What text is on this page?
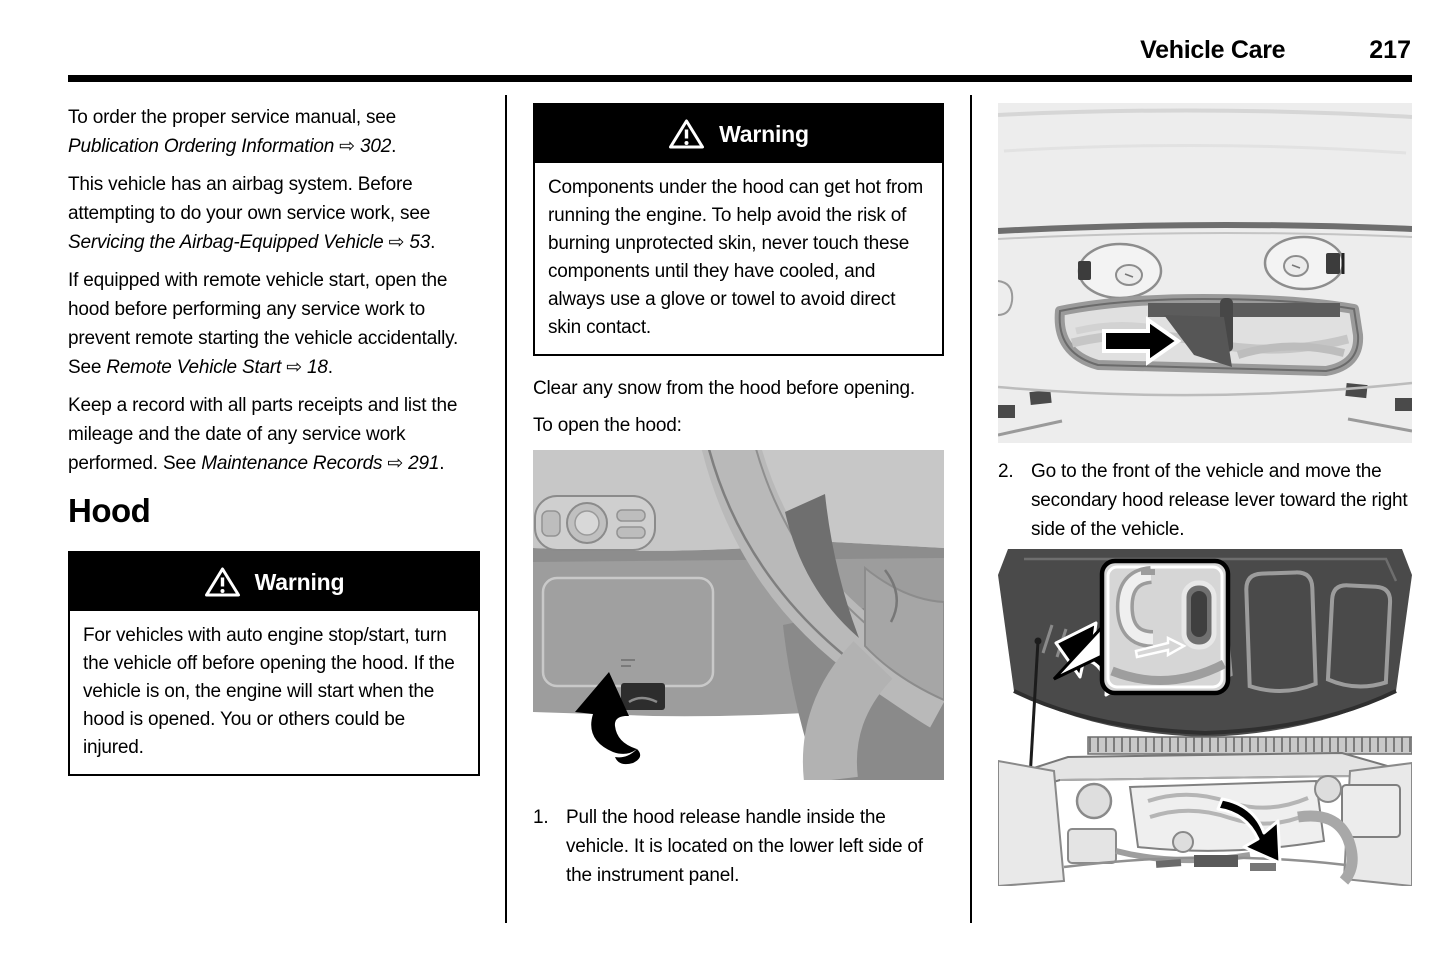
Vehicle Care	217

To order the proper service manual, see Publication Ordering Information ⇨ 302.

This vehicle has an airbag system. Before attempting to do your own service work, see Servicing the Airbag-Equipped Vehicle ⇨ 53.

If equipped with remote vehicle start, open the hood before performing any service work to prevent remote starting the vehicle accidentally. See Remote Vehicle Start ⇨ 18.

Keep a record with all parts receipts and list the mileage and the date of any service work performed. See Maintenance Records ⇨ 291.

Hood
Warning
For vehicles with auto engine stop/start, turn the vehicle off before opening the hood. If the vehicle is on, the engine will start when the hood is opened. You or others could be injured.
Warning
Components under the hood can get hot from running the engine. To help avoid the risk of burning unprotected skin, never touch these components until they have cooled, and always use a glove or towel to avoid direct skin contact.

Clear any snow from the hood before opening.

To open the hood:

1. Pull the hood release handle inside the vehicle. It is located on the lower left side of the instrument panel.
2. Go to the front of the vehicle and move the secondary hood release lever toward the right side of the vehicle.
